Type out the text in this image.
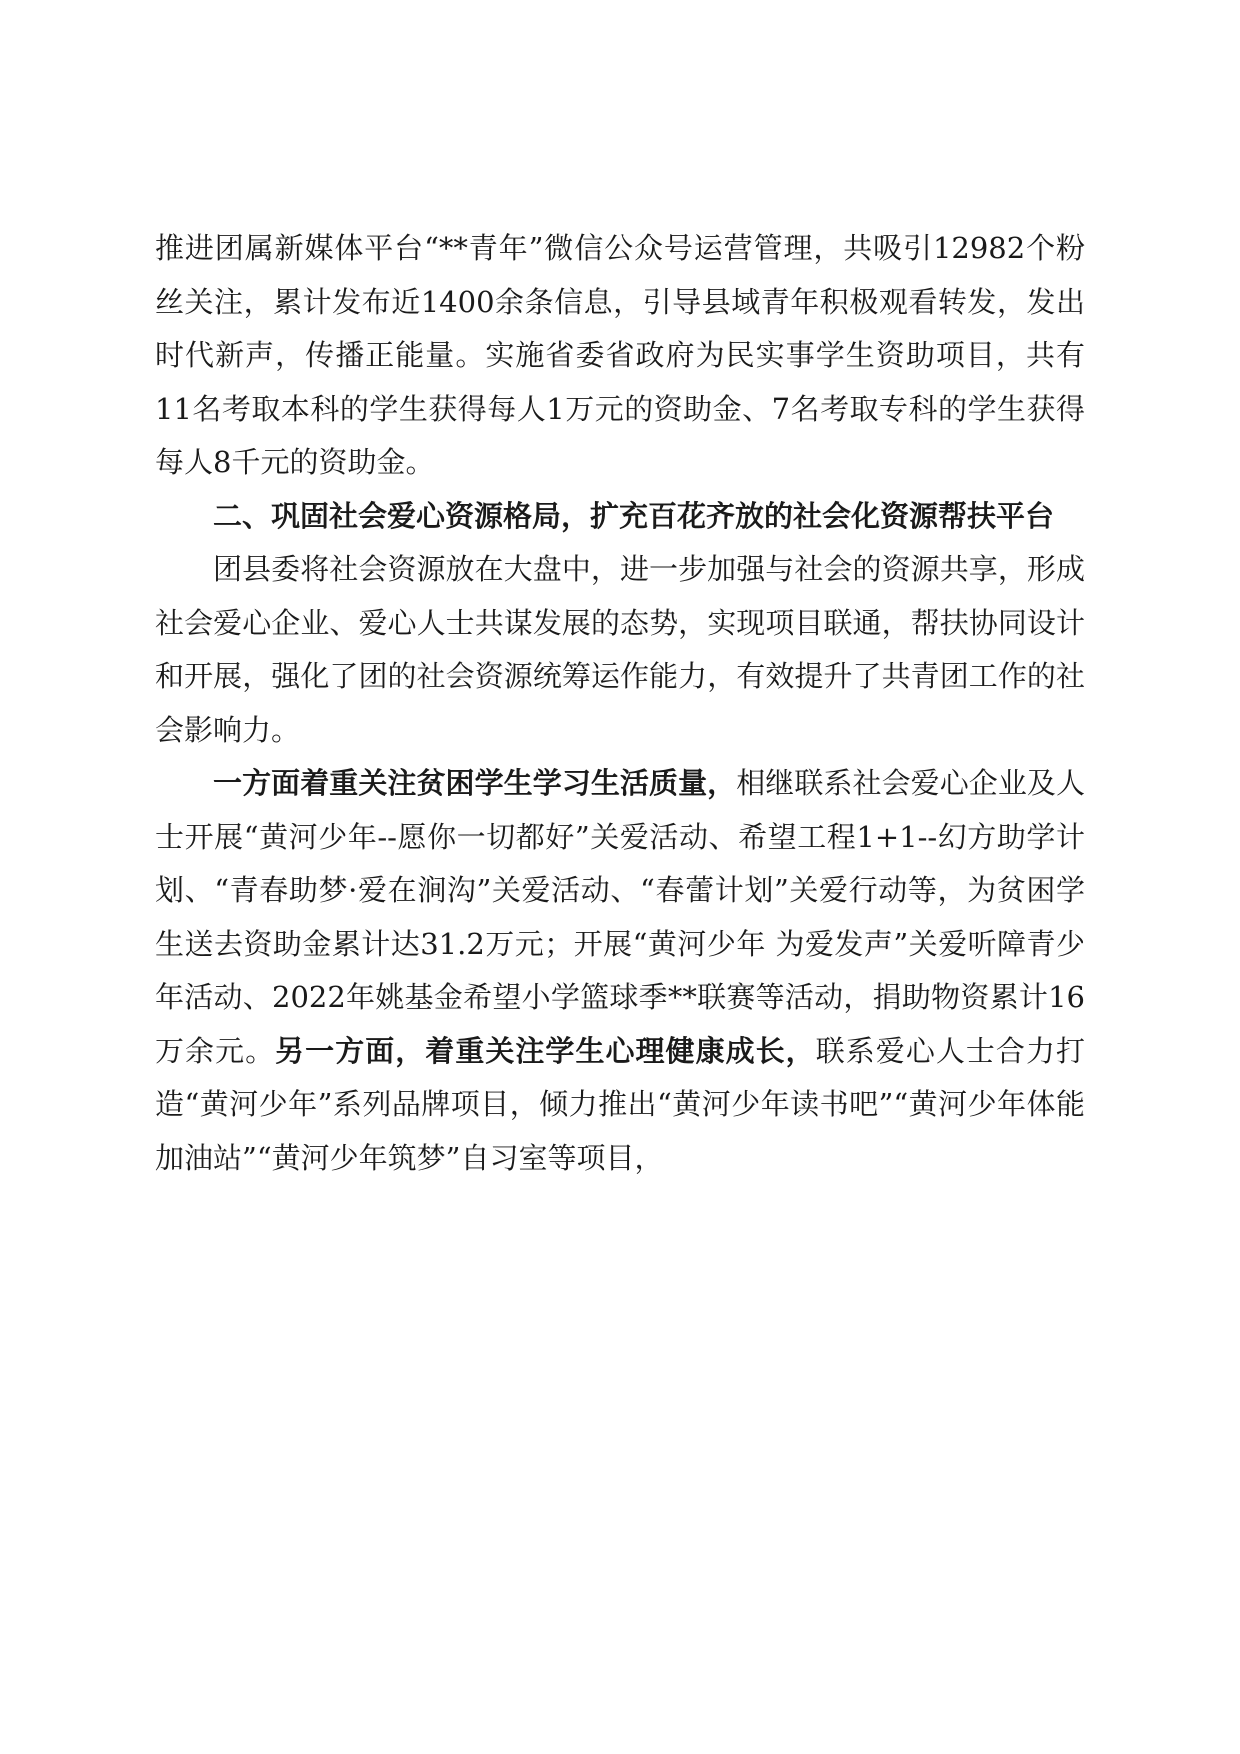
推进团属新媒体平台“**青年”微信公众号运营管理，共吸引12982个粉丝关注，累计发布近1400余条信息，引导县域青年积极观看转发，发出时代新声，传播正能量。实施省委省政府为民实事学生资助项目，共有11名考取本科的学生获得每人1万元的资助金、7名考取专科的学生获得每人8千元的资助金。

二、巩固社会爱心资源格局，扩充百花齐放的社会化资源帮扶平台

团县委将社会资源放在大盘中，进一步加强与社会的资源共享，形成社会爱心企业、爱心人士共谋发展的态势，实现项目联通，帮扶协同设计和开展，强化了团的社会资源统筹运作能力，有效提升了共青团工作的社会影响力。

一方面着重关注贫困学生学习生活质量，相继联系社会爱心企业及人士开展“黄河少年--愿你一切都好”关爱活动、希望工程1+1--幻方助学计划、“青春助梦·爱在涧沟”关爱活动、“春蕾计划”关爱行动等，为贫困学生送去资助金累计达31.2万元；开展“黄河少年 为爱发声”关爱听障青少年活动、2022年姚基金希望小学篮球季**联赛等活动，捐助物资累计16万余元。另一方面，着重关注学生心理健康成长，联系爱心人士合力打造“黄河少年”系列品牌项目，倾力推出“黄河少年读书吧”“黄河少年体能加油站”“黄河少年筑梦”自习室等项目，
